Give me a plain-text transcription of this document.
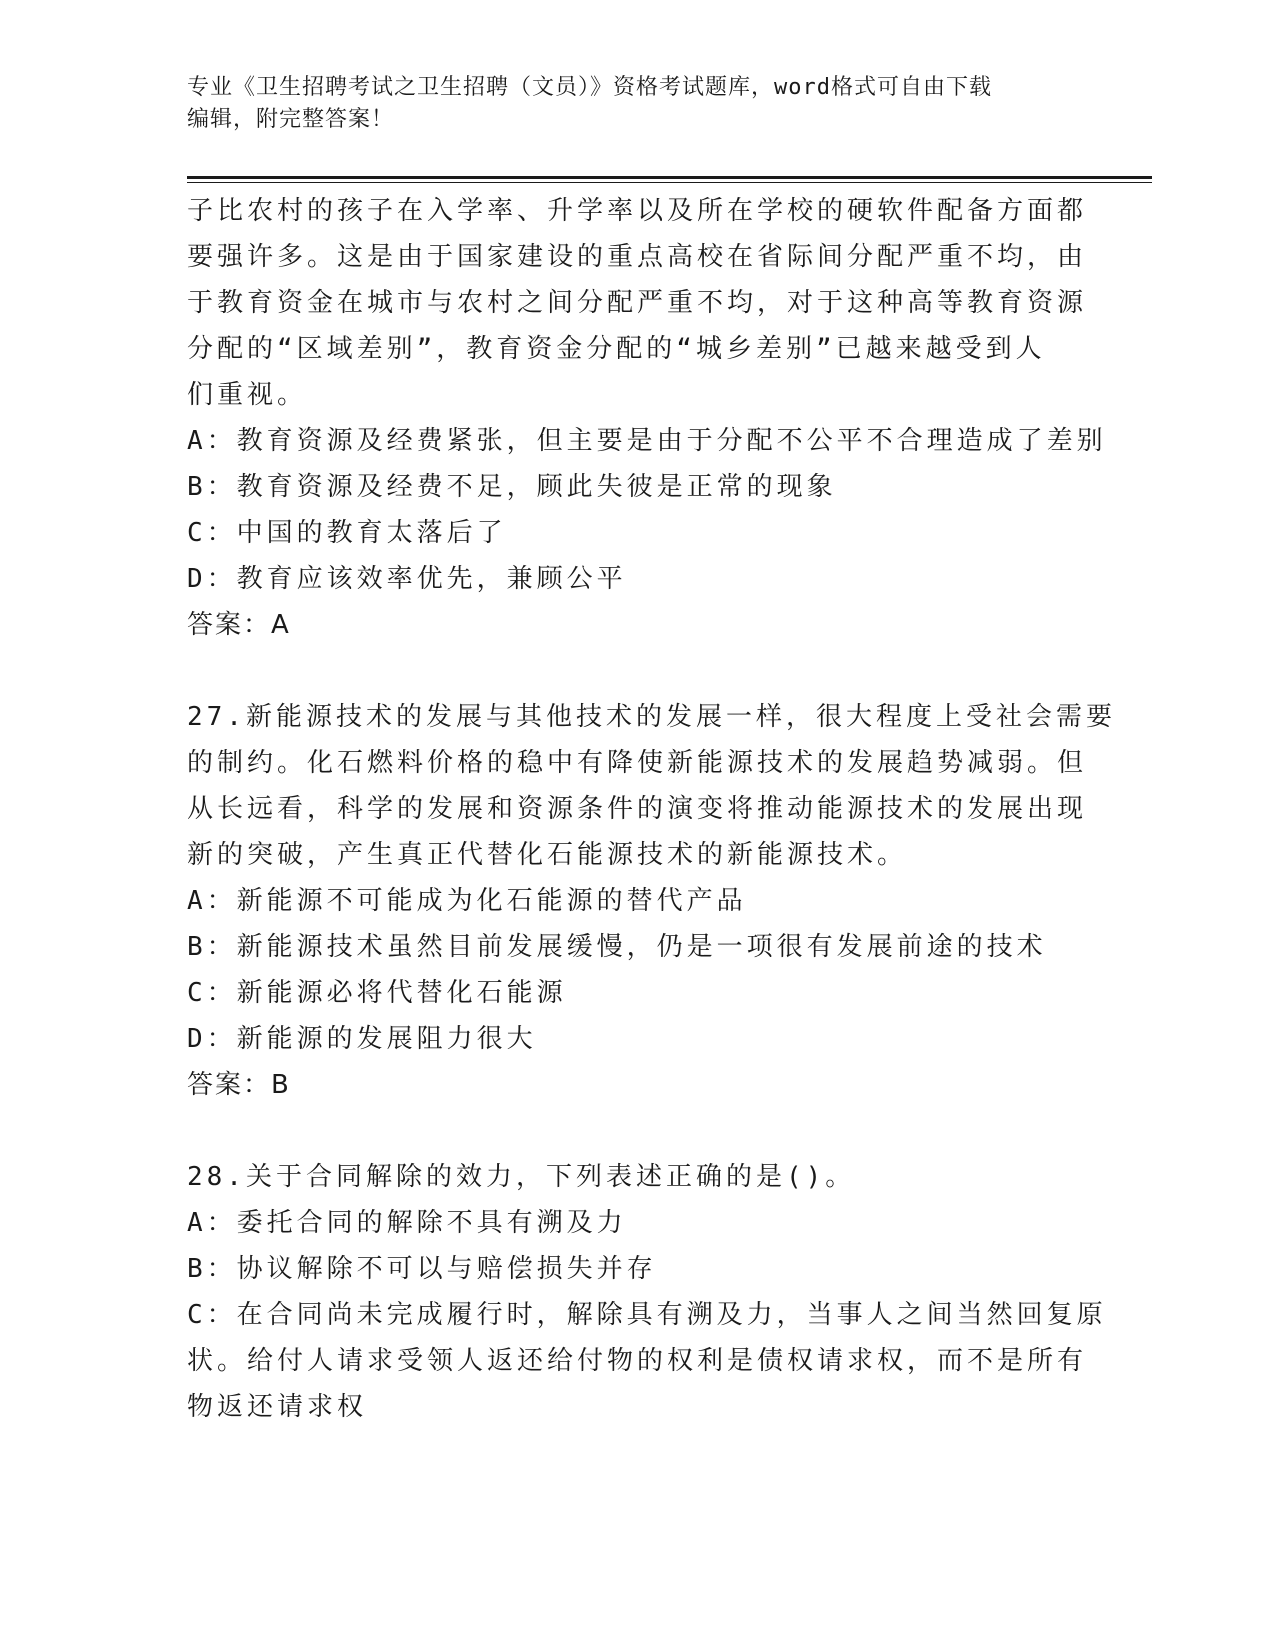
专业《卫生招聘考试之卫生招聘（文员）》资格考试题库，word格式可自由下载
编辑，附完整答案！
子比农村的孩子在入学率、升学率以及所在学校的硬软件配备方面都
要强许多。这是由于国家建设的重点高校在省际间分配严重不均，由
于教育资金在城市与农村之间分配严重不均，对于这种高等教育资源
分配的“区域差别”，教育资金分配的“城乡差别”已越来越受到人
们重视。
A：教育资源及经费紧张，但主要是由于分配不公平不合理造成了差别
B：教育资源及经费不足，顾此失彼是正常的现象
C：中国的教育太落后了
D：教育应该效率优先，兼顾公平
答案：A
27.新能源技术的发展与其他技术的发展一样，很大程度上受社会需要
的制约。化石燃料价格的稳中有降使新能源技术的发展趋势减弱。但
从长远看，科学的发展和资源条件的演变将推动能源技术的发展出现
新的突破，产生真正代替化石能源技术的新能源技术。
A：新能源不可能成为化石能源的替代产品
B：新能源技术虽然目前发展缓慢，仍是一项很有发展前途的技术
C：新能源必将代替化石能源
D：新能源的发展阻力很大
答案：B
28.关于合同解除的效力，下列表述正确的是()。
A：委托合同的解除不具有溯及力
B：协议解除不可以与赔偿损失并存
C：在合同尚未完成履行时，解除具有溯及力，当事人之间当然回复原
状。给付人请求受领人返还给付物的权利是债权请求权，而不是所有
物返还请求权
